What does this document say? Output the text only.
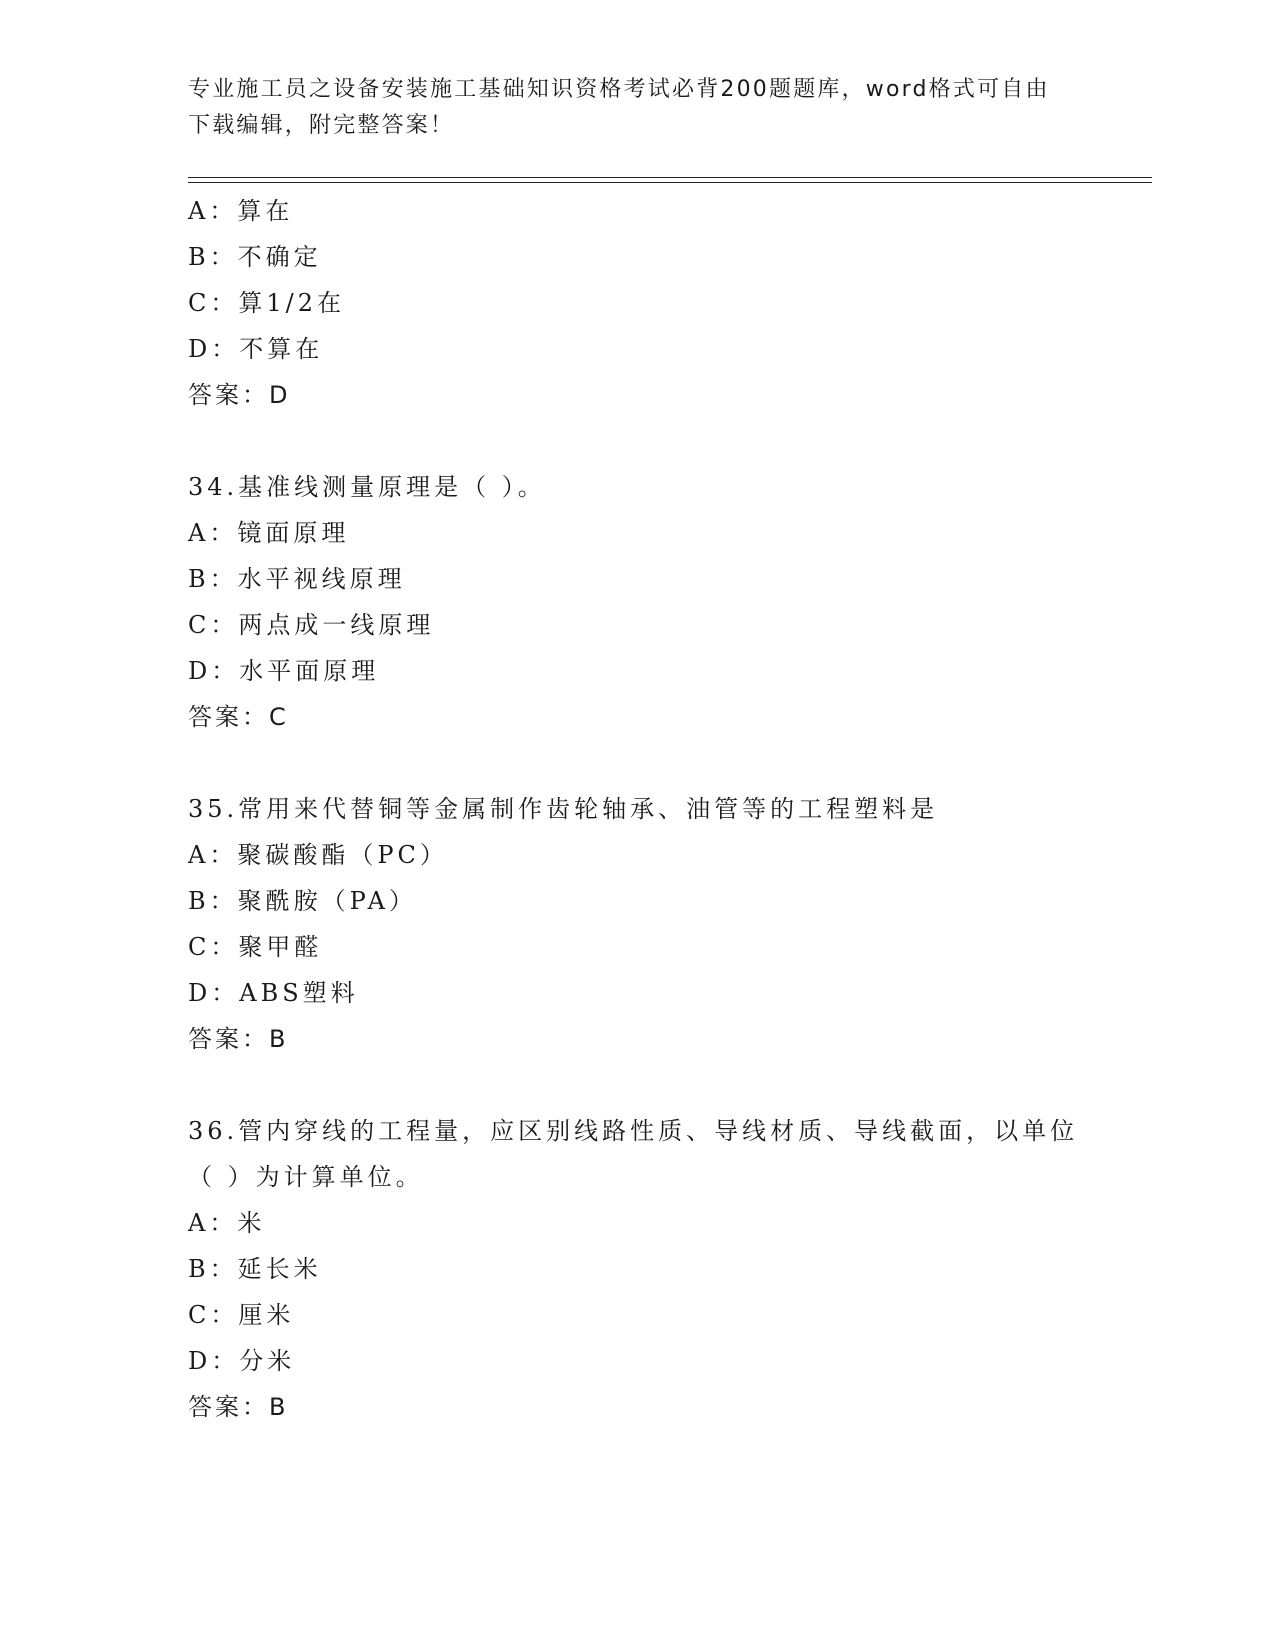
专业施工员之设备安装施工基础知识资格考试必背200题题库，word格式可自由
下载编辑，附完整答案！
A：算在
B：不确定
C：算1/2在
D：不算在
答案：D
34.基准线测量原理是（ ）。
A：镜面原理
B：水平视线原理
C：两点成一线原理
D：水平面原理
答案：C
35.常用来代替铜等金属制作齿轮轴承、油管等的工程塑料是
A：聚碳酸酯（PC）
B：聚酰胺（PA）
C：聚甲醛
D：ABS塑料
答案：B
36.管内穿线的工程量，应区别线路性质、导线材质、导线截面，以单位（ ）为计算单位。
A：米
B：延长米
C：厘米
D：分米
答案：B
